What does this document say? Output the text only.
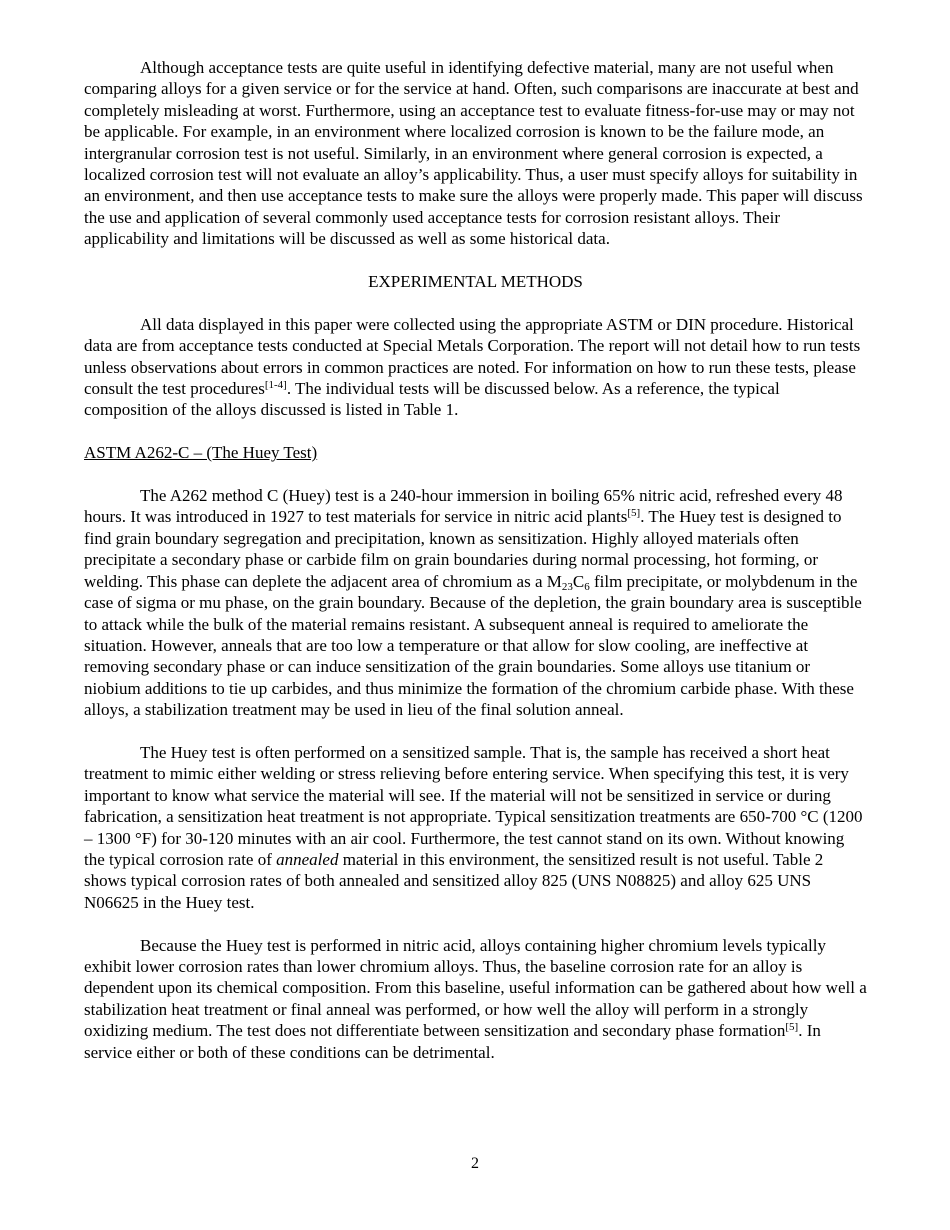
Although acceptance tests are quite useful in identifying defective material, many are not useful when comparing alloys for a given service or for the service at hand. Often, such comparisons are inaccurate at best and completely misleading at worst. Furthermore, using an acceptance test to evaluate fitness-for-use may or may not be applicable. For example, in an environment where localized corrosion is known to be the failure mode, an intergranular corrosion test is not useful. Similarly, in an environment where general corrosion is expected, a localized corrosion test will not evaluate an alloy’s applicability. Thus, a user must specify alloys for suitability in an environment, and then use acceptance tests to make sure the alloys were properly made. This paper will discuss the use and application of several commonly used acceptance tests for corrosion resistant alloys. Their applicability and limitations will be discussed as well as some historical data.

EXPERIMENTAL METHODS

All data displayed in this paper were collected using the appropriate ASTM or DIN procedure. Historical data are from acceptance tests conducted at Special Metals Corporation. The report will not detail how to run tests unless observations about errors in common practices are noted. For information on how to run these tests, please consult the test procedures[1-4]. The individual tests will be discussed below. As a reference, the typical composition of the alloys discussed is listed in Table 1.

ASTM A262-C – (The Huey Test)

The A262 method C (Huey) test is a 240-hour immersion in boiling 65% nitric acid, refreshed every 48 hours. It was introduced in 1927 to test materials for service in nitric acid plants[5]. The Huey test is designed to find grain boundary segregation and precipitation, known as sensitization. Highly alloyed materials often precipitate a secondary phase or carbide film on grain boundaries during normal processing, hot forming, or welding. This phase can deplete the adjacent area of chromium as a $M_{23}C_6$ film precipitate, or molybdenum in the case of sigma or mu phase, on the grain boundary. Because of the depletion, the grain boundary area is susceptible to attack while the bulk of the material remains resistant. A subsequent anneal is required to ameliorate the situation. However, anneals that are too low a temperature or that allow for slow cooling, are ineffective at removing secondary phase or can induce sensitization of the grain boundaries. Some alloys use titanium or niobium additions to tie up carbides, and thus minimize the formation of the chromium carbide phase. With these alloys, a stabilization treatment may be used in lieu of the final solution anneal.

The Huey test is often performed on a sensitized sample. That is, the sample has received a short heat treatment to mimic either welding or stress relieving before entering service. When specifying this test, it is very important to know what service the material will see. If the material will not be sensitized in service or during fabrication, a sensitization heat treatment is not appropriate. Typical sensitization treatments are 650-700 °C (1200 – 1300 °F) for 30-120 minutes with an air cool. Furthermore, the test cannot stand on its own. Without knowing the typical corrosion rate of annealed material in this environment, the sensitized result is not useful. Table 2 shows typical corrosion rates of both annealed and sensitized alloy 825 (UNS N08825) and alloy 625 UNS N06625 in the Huey test.

Because the Huey test is performed in nitric acid, alloys containing higher chromium levels typically exhibit lower corrosion rates than lower chromium alloys. Thus, the baseline corrosion rate for an alloy is dependent upon its chemical composition. From this baseline, useful information can be gathered about how well a stabilization heat treatment or final anneal was performed, or how well the alloy will perform in a strongly oxidizing medium. The test does not differentiate between sensitization and secondary phase formation[5]. In service either or both of these conditions can be detrimental.

2
